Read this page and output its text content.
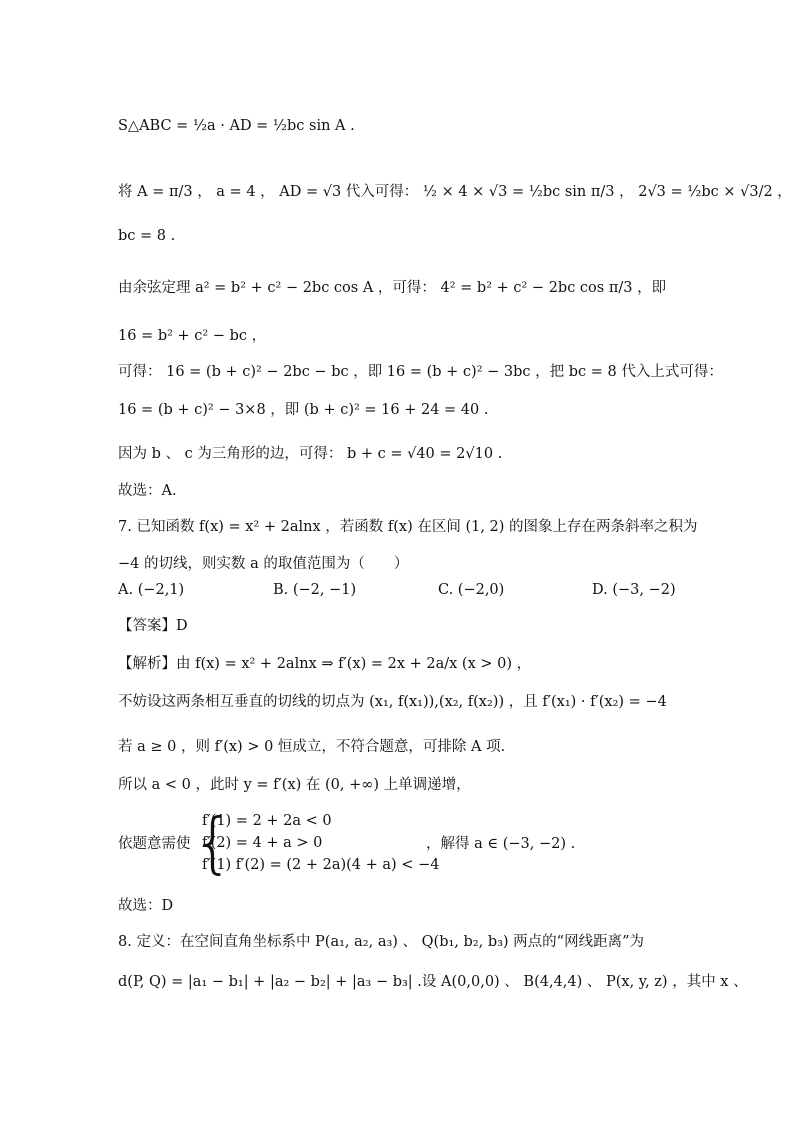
S△ABC = ½a · AD = ½bc sin A .
将 A = π/3 ， a = 4 ， AD = √3 代入可得： ½ × 4 × √3 = ½bc sin π/3 ， 2√3 = ½bc × √3/2 ，
bc = 8 .
由余弦定理 a² = b² + c² − 2bc cos A ，可得： 4² = b² + c² − 2bc cos π/3 ，即
16 = b² + c² − bc ，
可得： 16 = (b + c)² − 2bc − bc ，即 16 = (b + c)² − 3bc ，把 bc = 8 代入上式可得：
16 = (b + c)² − 3×8 ，即 (b + c)² = 16 + 24 = 40 .
因为 b 、 c 为三角形的边，可得： b + c = √40 = 2√10 .
故选：A.
7. 已知函数 f(x) = x² + 2alnx ，若函数 f(x) 在区间 (1, 2) 的图象上存在两条斜率之积为
−4 的切线，则实数 a 的取值范围为（　　）
A. (−2,1)	B. (−2, −1)	C. (−2,0)	D. (−3, −2)
【答案】D
【解析】由 f(x) = x² + 2alnx ⇒ f′(x) = 2x + 2a/x (x > 0) ，
不妨设这两条相互垂直的切线的切点为 (x₁, f(x₁)),(x₂, f(x₂)) ，且 f′(x₁) · f′(x₂) = −4
若 a ≥ 0 ，则 f′(x) > 0 恒成立，不符合题意，可排除 A 项.
所以 a < 0 ，此时 y = f′(x) 在 (0, +∞) 上单调递增，
依题意需使 {
f′(1) = 2 + 2a < 0
f′(2) = 4 + a > 0
f′(1) f′(2) = (2 + 2a)(4 + a) < −4
，解得 a ∈ (−3, −2) .
故选：D
8. 定义：在空间直角坐标系中 P(a₁, a₂, a₃) 、 Q(b₁, b₂, b₃) 两点的“网线距离”为
d(P, Q) = |a₁ − b₁| + |a₂ − b₂| + |a₃ − b₃| .设 A(0,0,0) 、 B(4,4,4) 、 P(x, y, z) ，其中 x 、
